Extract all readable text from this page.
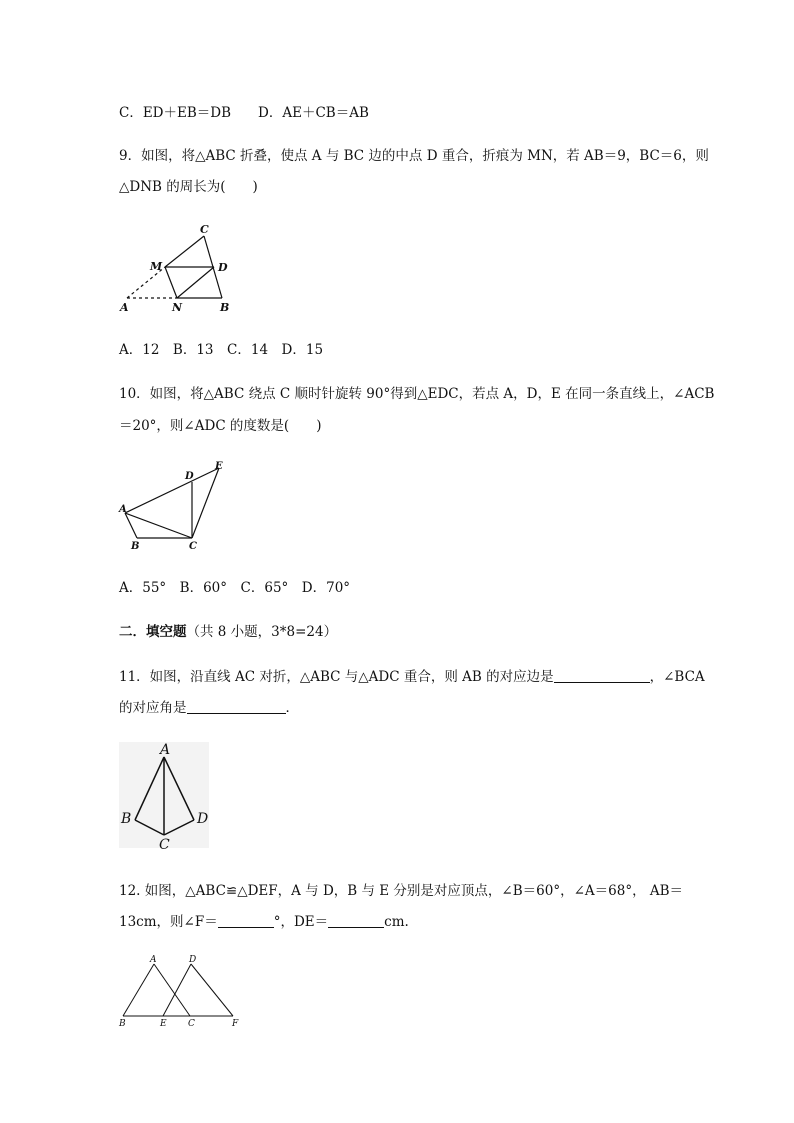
C．ED＋EB＝DB　　D．AE＋CB＝AB
9．如图，将△ABC 折叠，使点 A 与 BC 边的中点 D 重合，折痕为 MN，若 AB＝9，BC＝6，则
△DNB 的周长为(　　)
C
M	D
A	N	B
A．12　B．13　C．14　D．15
10．如图，将△ABC 绕点 C 顺时针旋转 90°得到△EDC，若点 A，D，E 在同一条直线上，∠ACB
＝20°，则∠ADC 的度数是(　　)
D
E
A
B	C
A．55°　B．60°　C．65°　D．70°
二．填空题（共 8 小题，3*8=24）
11．如图，沿直线 AC 对折，△ABC 与△ADC 重合，则 AB 的对应边是	，∠BCA
的对应角是	．
A
B	D
C
12. 如图，△ABC≌△DEF，A 与 D，B 与 E 分别是对应顶点，∠B＝60°，∠A＝68°， AB＝
13cm，则∠F＝	°，DE＝	cm.
A	D
B	E C	F
